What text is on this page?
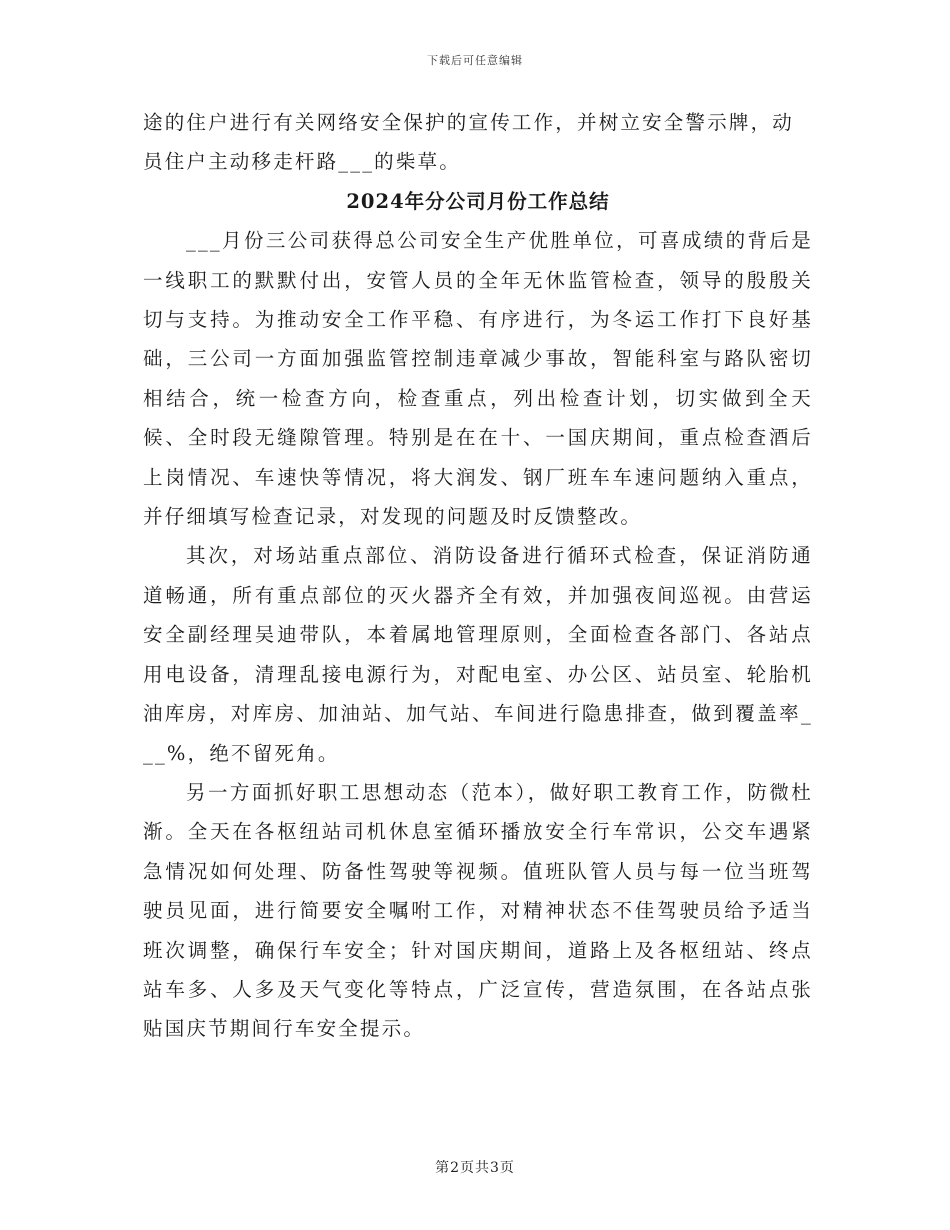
下载后可任意编辑

途的住户进行有关网络安全保护的宣传工作，并树立安全警示牌，动

员住户主动移走杆路___的柴草。

2024年分公司月份工作总结

___月份三公司获得总公司安全生产优胜单位，可喜成绩的背后是一线职工的默默付出，安管人员的全年无休监管检查，领导的殷殷关切与支持。为推动安全工作平稳、有序进行，为冬运工作打下良好基础，三公司一方面加强监管控制违章减少事故，智能科室与路队密切相结合，统一检查方向，检查重点，列出检查计划，切实做到全天候、全时段无缝隙管理。特别是在在十、一国庆期间，重点检查酒后上岗情况、车速快等情况，将大润发、钢厂班车车速问题纳入重点，并仔细填写检查记录，对发现的问题及时反馈整改。

其次，对场站重点部位、消防设备进行循环式检查，保证消防通道畅通，所有重点部位的灭火器齐全有效，并加强夜间巡视。由营运安全副经理吴迪带队，本着属地管理原则，全面检查各部门、各站点用电设备，清理乱接电源行为，对配电室、办公区、站员室、轮胎机油库房，对库房、加油站、加气站、车间进行隐患排查，做到覆盖率___%，绝不留死角。

另一方面抓好职工思想动态（范本），做好职工教育工作，防微杜渐。全天在各枢纽站司机休息室循环播放安全行车常识，公交车遇紧急情况如何处理、防备性驾驶等视频。值班队管人员与每一位当班驾驶员见面，进行简要安全嘱咐工作，对精神状态不佳驾驶员给予适当班次调整，确保行车安全；针对国庆期间，道路上及各枢纽站、终点站车多、人多及天气变化等特点，广泛宣传，营造氛围，在各站点张贴国庆节期间行车安全提示。

第2页共3页
